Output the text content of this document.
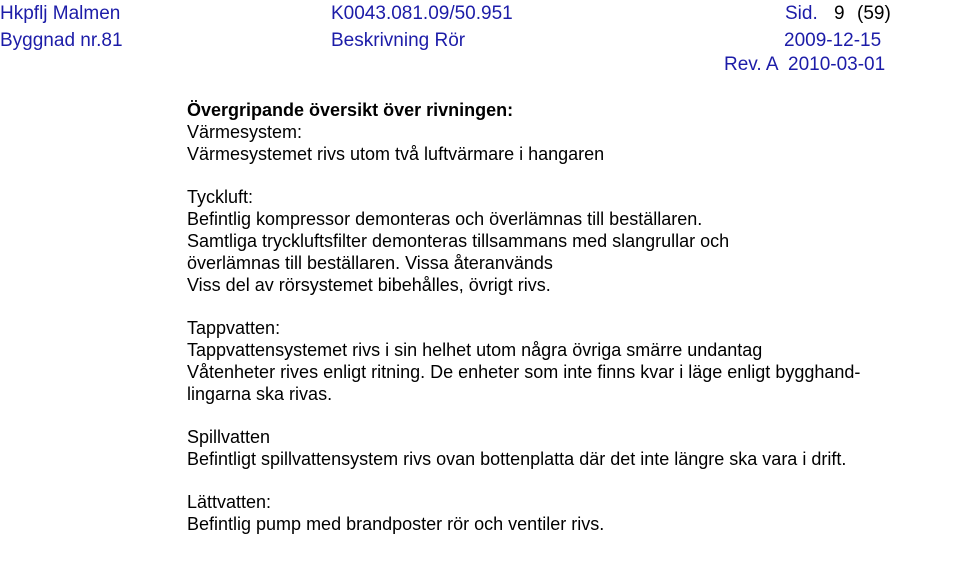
Hkpflj Malmen
Byggnad nr.81
K0043.081.09/50.951
Beskrivning Rör
Sid. 9 (59)
2009-12-15
Rev. A 2010-03-01
Övergripande översikt över rivningen:
Värmesystem:
Värmesystemet rivs utom två luftvärmare i hangaren
Tyckluft:
Befintlig kompressor demonteras och överlämnas till beställaren.
Samtliga tryckluftsfilter demonteras tillsammans med slangrullar och
överlämnas till beställaren. Vissa återanvänds
Viss del av rörsystemet bibehålles, övrigt rivs.
Tappvatten:
Tappvattensystemet rivs i sin helhet utom några övriga smärre undantag
Våtenheter rives enligt ritning. De enheter som inte finns kvar i läge enligt bygghand-
lingarna ska rivas.
Spillvatten
Befintligt spillvattensystem rivs ovan bottenplatta där det inte längre ska vara i drift.
Lättvatten:
Befintlig pump med brandposter rör och ventiler rivs.
